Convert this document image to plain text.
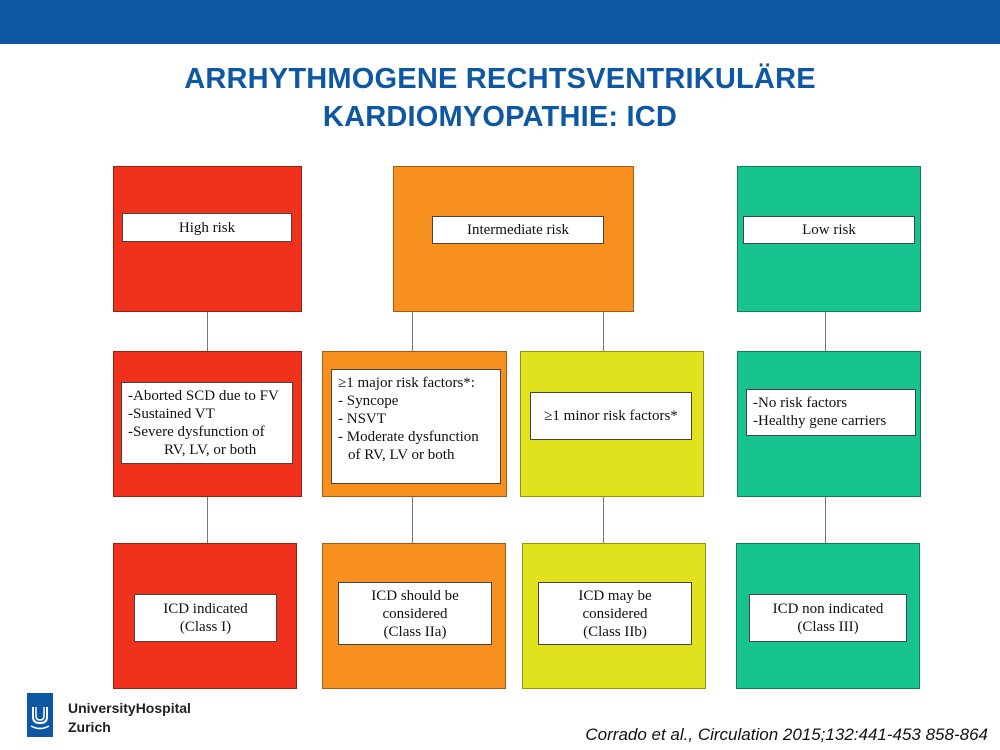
ARRHYTHMOGENE RECHTSVENTRIKULÄRE
KARDIOMYOPATHIE: ICD
High risk	Intermediate risk	Low risk
-Aborted SCD due to FV
-Sustained VT
-Severe dysfunction of
RV, LV, or both
≥1 major risk factors*:
- Syncope
- NSVT
- Moderate dysfunction
of RV, LV or both
≥1 minor risk factors*
-No risk factors
-Healthy gene carriers
ICD indicated
(Class I)
ICD should be
considered
(Class IIa)
ICD may be
considered
(Class IIb)
ICD non indicated
(Class III)
UniversityHospital
Zurich	Corrado et al., Circulation 2015;132:441-453 858-864
